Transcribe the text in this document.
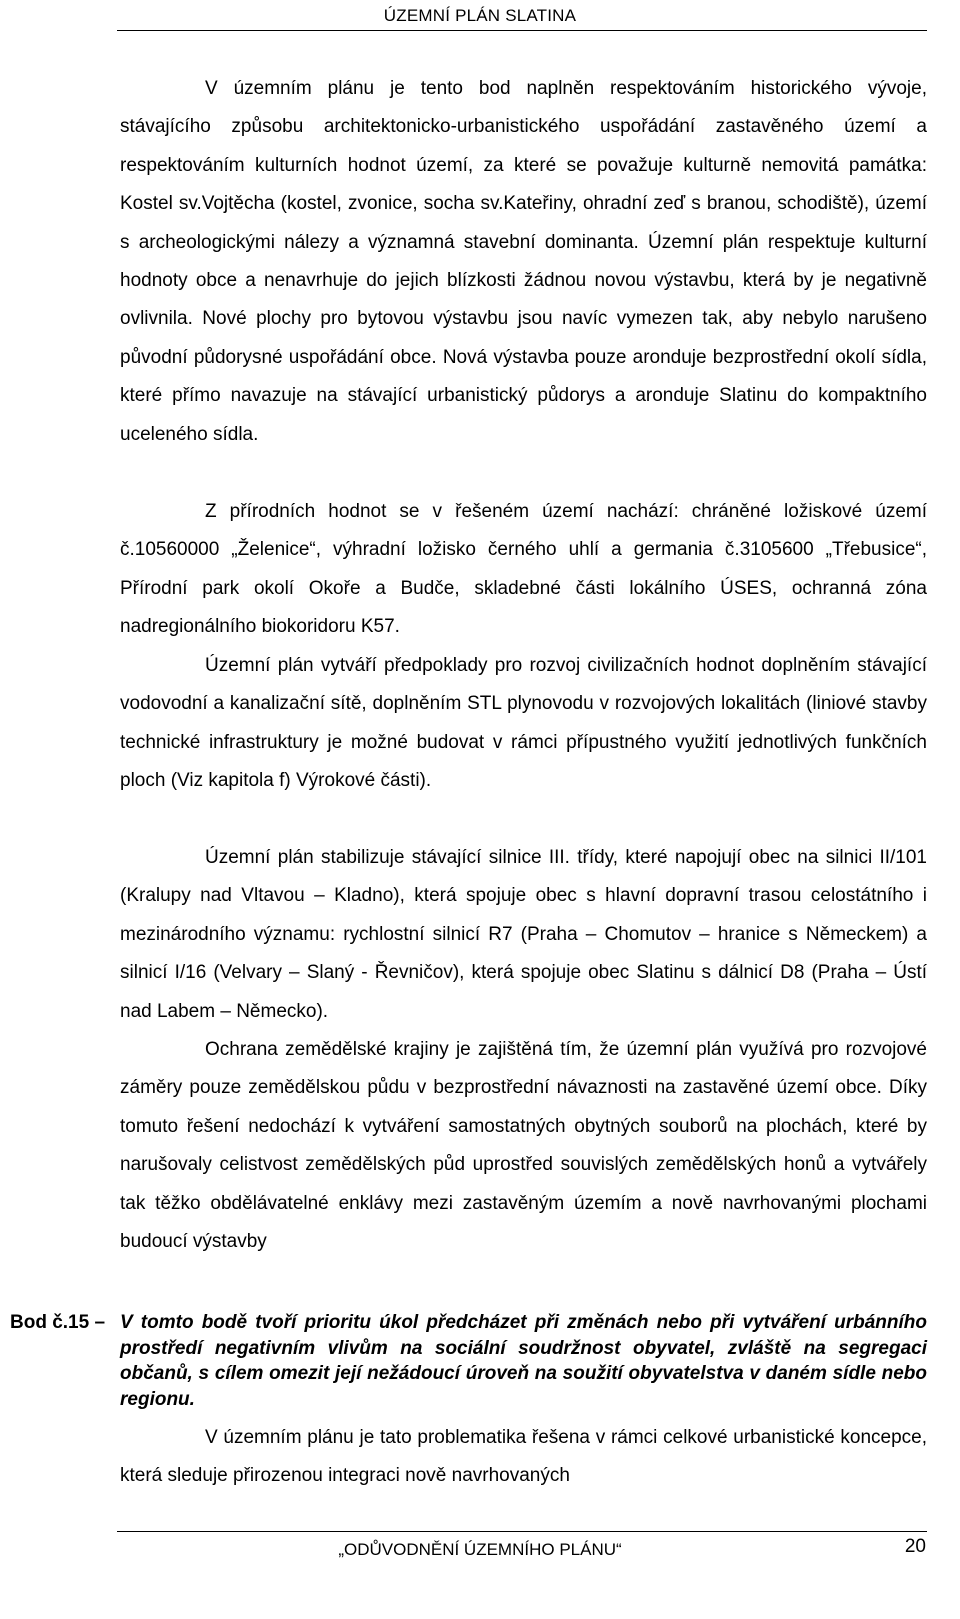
ÚZEMNÍ PLÁN SLATINA

V územním plánu je tento bod naplněn respektováním historického vývoje, stávajícího způsobu architektonicko-urbanistického uspořádání zastavěného území a respektováním kulturních hodnot území, za které se považuje kulturně nemovitá památka: Kostel sv.Vojtěcha (kostel, zvonice, socha sv.Kateřiny, ohradní zeď s branou, schodiště), území s archeologickými nálezy a významná stavební dominanta. Územní plán respektuje kulturní hodnoty obce a nenavrhuje do jejich blízkosti žádnou novou výstavbu, která by je negativně ovlivnila. Nové plochy pro bytovou výstavbu jsou navíc vymezen tak, aby nebylo narušeno původní půdorysné uspořádání obce. Nová výstavba pouze aronduje bezprostřední okolí sídla, které přímo navazuje na stávající urbanistický půdorys a aronduje Slatinu do kompaktního uceleného sídla.

Z přírodních hodnot se v řešeném území nachází: chráněné ložiskové území č.10560000 „Želenice“, výhradní ložisko černého uhlí a germania č.3105600 „Třebusice“, Přírodní park okolí Okoře a Budče, skladebné části lokálního ÚSES, ochranná zóna nadregionálního biokoridoru K57.

Územní plán vytváří předpoklady pro rozvoj civilizačních hodnot doplněním stávající vodovodní a kanalizační sítě, doplněním STL plynovodu v rozvojových lokalitách (liniové stavby technické infrastruktury je možné budovat v rámci přípustného využití jednotlivých funkčních ploch (Viz kapitola f) Výrokové části).

Územní plán stabilizuje stávající silnice III. třídy, které napojují obec na silnici II/101 (Kralupy nad Vltavou – Kladno), která spojuje obec s hlavní dopravní trasou celostátního i mezinárodního významu: rychlostní silnicí R7 (Praha – Chomutov – hranice s Německem) a silnicí I/16 (Velvary – Slaný - Řevničov), která spojuje obec Slatinu s dálnicí D8 (Praha – Ústí nad Labem – Německo).

Ochrana zemědělské krajiny je zajištěná tím, že územní plán využívá pro rozvojové záměry pouze zemědělskou půdu v bezprostřední návaznosti na zastavěné území obce. Díky tomuto řešení nedochází k vytváření samostatných obytných souborů na plochách, které by narušovaly celistvost zemědělských půd uprostřed souvislých zemědělských honů a vytvářely tak těžko obdělávatelné enklávy mezi zastavěným územím a nově navrhovanými plochami budoucí výstavby

Bod č.15 – V tomto bodě tvoří prioritu úkol předcházet při změnách nebo při vytváření urbánního prostředí negativním vlivům na sociální soudržnost obyvatel, zvláště na segregaci občanů, s cílem omezit její nežádoucí úroveň na soužití obyvatelstva v daném sídle nebo regionu.

V územním plánu je tato problematika řešena v rámci celkové urbanistické koncepce, která sleduje přirozenou integraci nově navrhovaných

„ODŮVODNĚNÍ ÚZEMNÍHO PLÁNU“	20
